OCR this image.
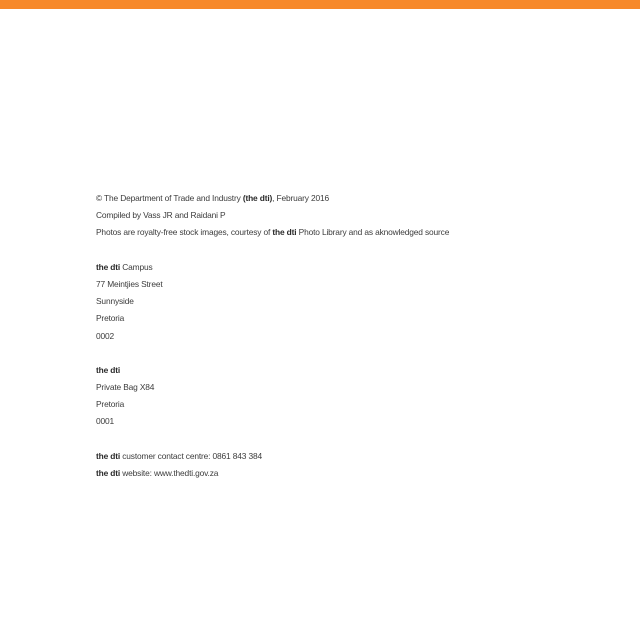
© The Department of Trade and Industry (the dti), February 2016
Compiled by Vass JR and Raidani P
Photos are royalty-free stock images, courtesy of the dti Photo Library and as aknowledged source
the dti Campus
77 Meintjies Street
Sunnyside
Pretoria
0002
the dti
Private Bag X84
Pretoria
0001
the dti customer contact centre: 0861 843 384
the dti website: www.thedti.gov.za
